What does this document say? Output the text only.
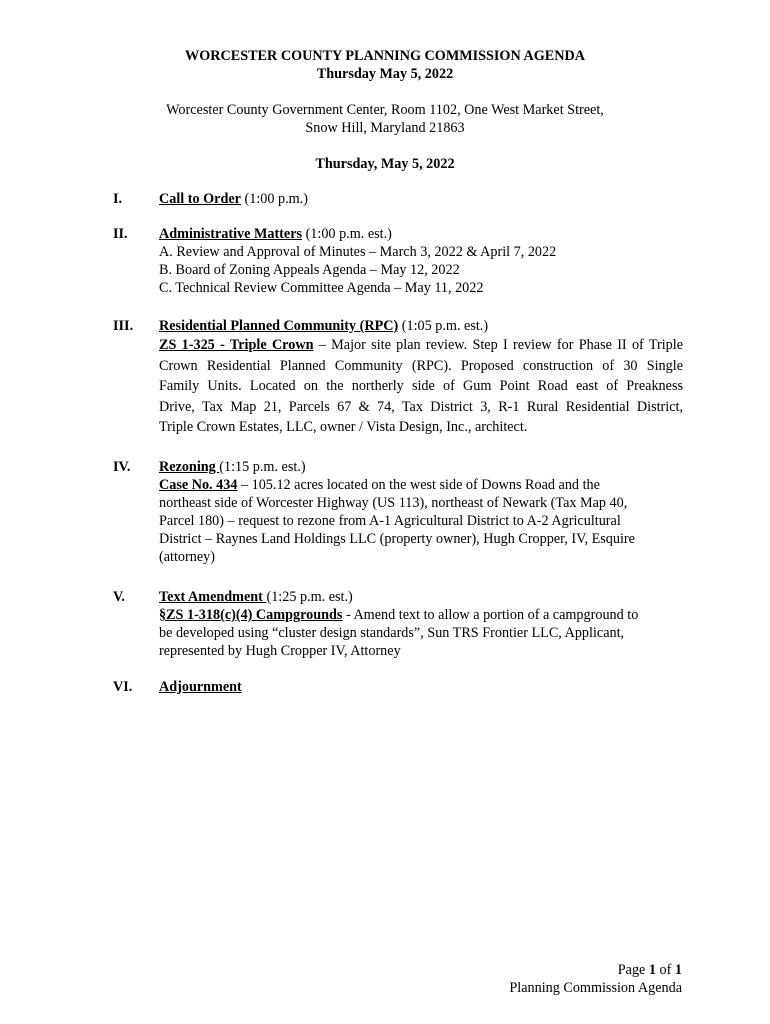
WORCESTER COUNTY PLANNING COMMISSION AGENDA
Thursday May 5, 2022
Worcester County Government Center, Room 1102, One West Market Street,
Snow Hill, Maryland 21863
Thursday, May 5, 2022
I.	Call to Order (1:00 p.m.)
II. Administrative Matters (1:00 p.m. est.)
A. Review and Approval of Minutes – March 3, 2022 & April 7, 2022
B. Board of Zoning Appeals Agenda – May 12, 2022
C. Technical Review Committee Agenda – May 11, 2022
III. Residential Planned Community (RPC) (1:05 p.m. est.)
ZS 1-325 - Triple Crown – Major site plan review. Step I review for Phase II of Triple
Crown Residential Planned Community (RPC). Proposed construction of 30 Single
Family Units. Located on the northerly side of Gum Point Road east of Preakness
Drive, Tax Map 21, Parcels 67 & 74, Tax District 3, R-1 Rural Residential District,
Triple Crown Estates, LLC, owner / Vista Design, Inc., architect.
IV. Rezoning (1:15 p.m. est.)
Case No. 434 – 105.12 acres located on the west side of Downs Road and the
northeast side of Worcester Highway (US 113), northeast of Newark (Tax Map 40,
Parcel 180) – request to rezone from A-1 Agricultural District to A-2 Agricultural
District – Raynes Land Holdings LLC (property owner), Hugh Cropper, IV, Esquire
(attorney)
V. Text Amendment (1:25 p.m. est.)
§ZS 1-318(c)(4) Campgrounds - Amend text to allow a portion of a campground to
be developed using “cluster design standards”, Sun TRS Frontier LLC, Applicant,
represented by Hugh Cropper IV, Attorney
VI. Adjournment
Page 1 of 1
Planning Commission Agenda
